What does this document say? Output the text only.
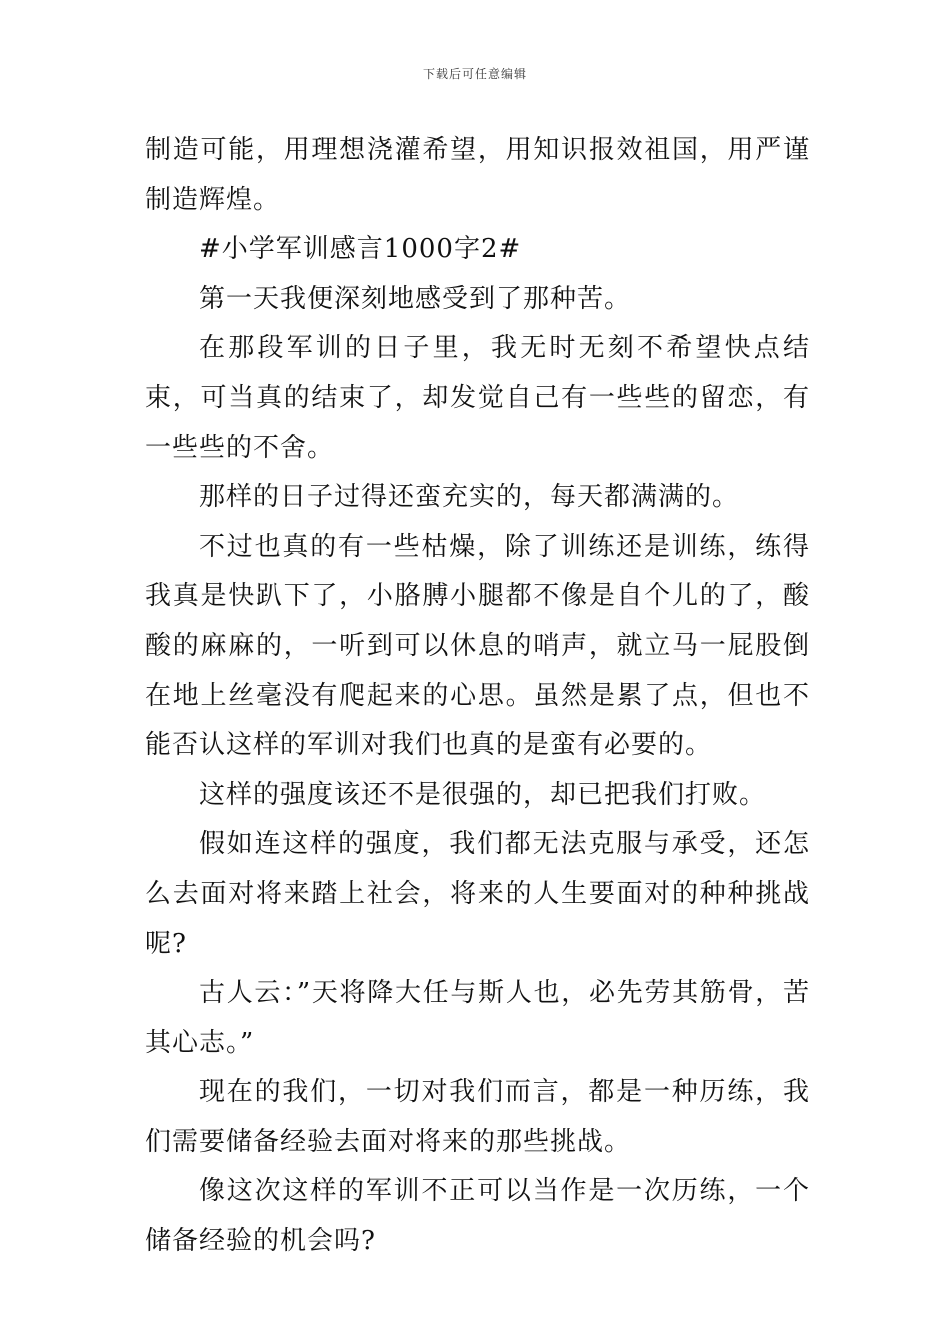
下载后可任意编辑

制造可能，用理想浇灌希望，用知识报效祖国，用严谨制造辉煌。

#小学军训感言1000字2#

第一天我便深刻地感受到了那种苦。

在那段军训的日子里，我无时无刻不希望快点结束，可当真的结束了，却发觉自己有一些些的留恋，有一些些的不舍。

那样的日子过得还蛮充实的，每天都满满的。

不过也真的有一些枯燥，除了训练还是训练，练得我真是快趴下了，小胳膊小腿都不像是自个儿的了，酸酸的麻麻的，一听到可以休息的哨声，就立马一屁股倒在地上丝毫没有爬起来的心思。虽然是累了点，但也不能否认这样的军训对我们也真的是蛮有必要的。

这样的强度该还不是很强的，却已把我们打败。

假如连这样的强度，我们都无法克服与承受，还怎么去面对将来踏上社会，将来的人生要面对的种种挑战呢?

古人云：”天将降大任与斯人也，必先劳其筋骨，苦其心志。”

现在的我们，一切对我们而言，都是一种历练，我们需要储备经验去面对将来的那些挑战。

像这次这样的军训不正可以当作是一次历练，一个储备经验的机会吗?
